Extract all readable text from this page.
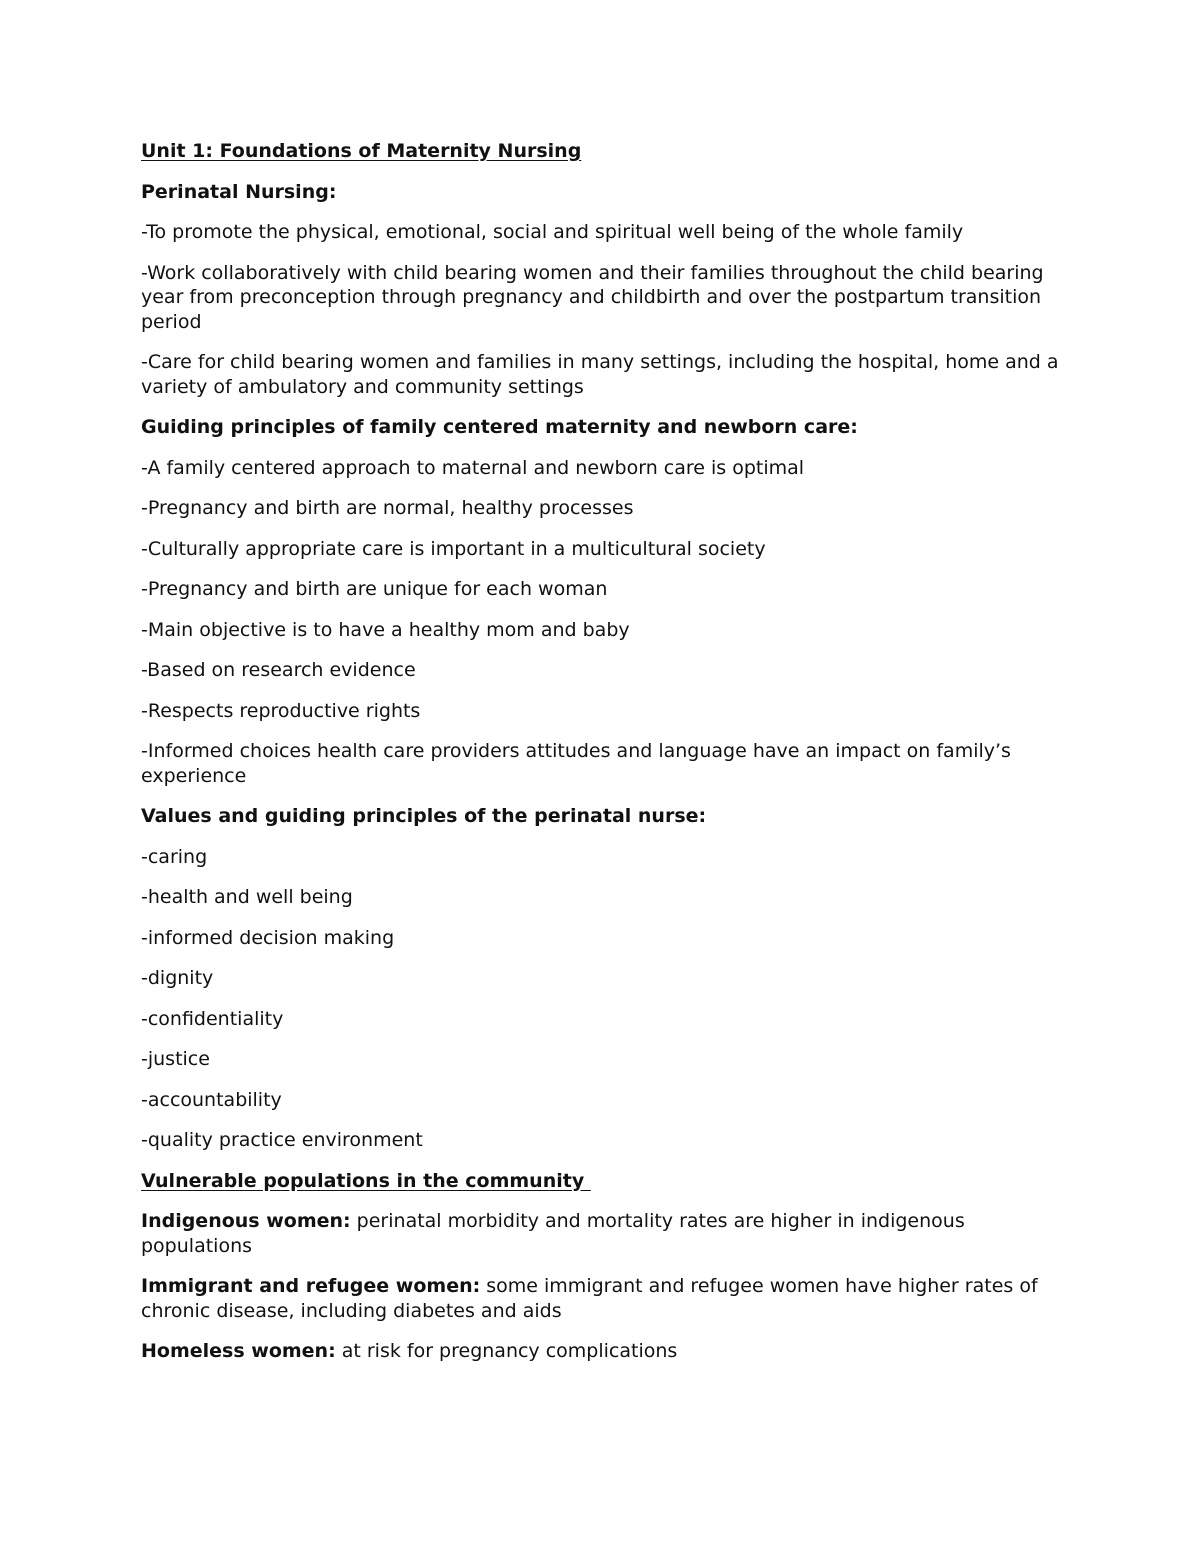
Unit 1: Foundations of Maternity Nursing
Perinatal Nursing:
-To promote the physical, emotional, social and spiritual well being of the whole family
-Work collaboratively with child bearing women and their families throughout the child bearing year from preconception through pregnancy and childbirth and over the postpartum transition period
-Care for child bearing women and families in many settings, including the hospital, home and a variety of ambulatory and community settings
Guiding principles of family centered maternity and newborn care:
-A family centered approach to maternal and newborn care is optimal
-Pregnancy and birth are normal, healthy processes
-Culturally appropriate care is important in a multicultural society
-Pregnancy and birth are unique for each woman
-Main objective is to have a healthy mom and baby
-Based on research evidence
-Respects reproductive rights
-Informed choices health care providers attitudes and language have an impact on family’s experience
Values and guiding principles of the perinatal nurse:
-caring
-health and well being
-informed decision making
-dignity
-confidentiality
-justice
-accountability
-quality practice environment
Vulnerable populations in the community
Indigenous women: perinatal morbidity and mortality rates are higher in indigenous populations
Immigrant and refugee women: some immigrant and refugee women have higher rates of chronic disease, including diabetes and aids
Homeless women: at risk for pregnancy complications
